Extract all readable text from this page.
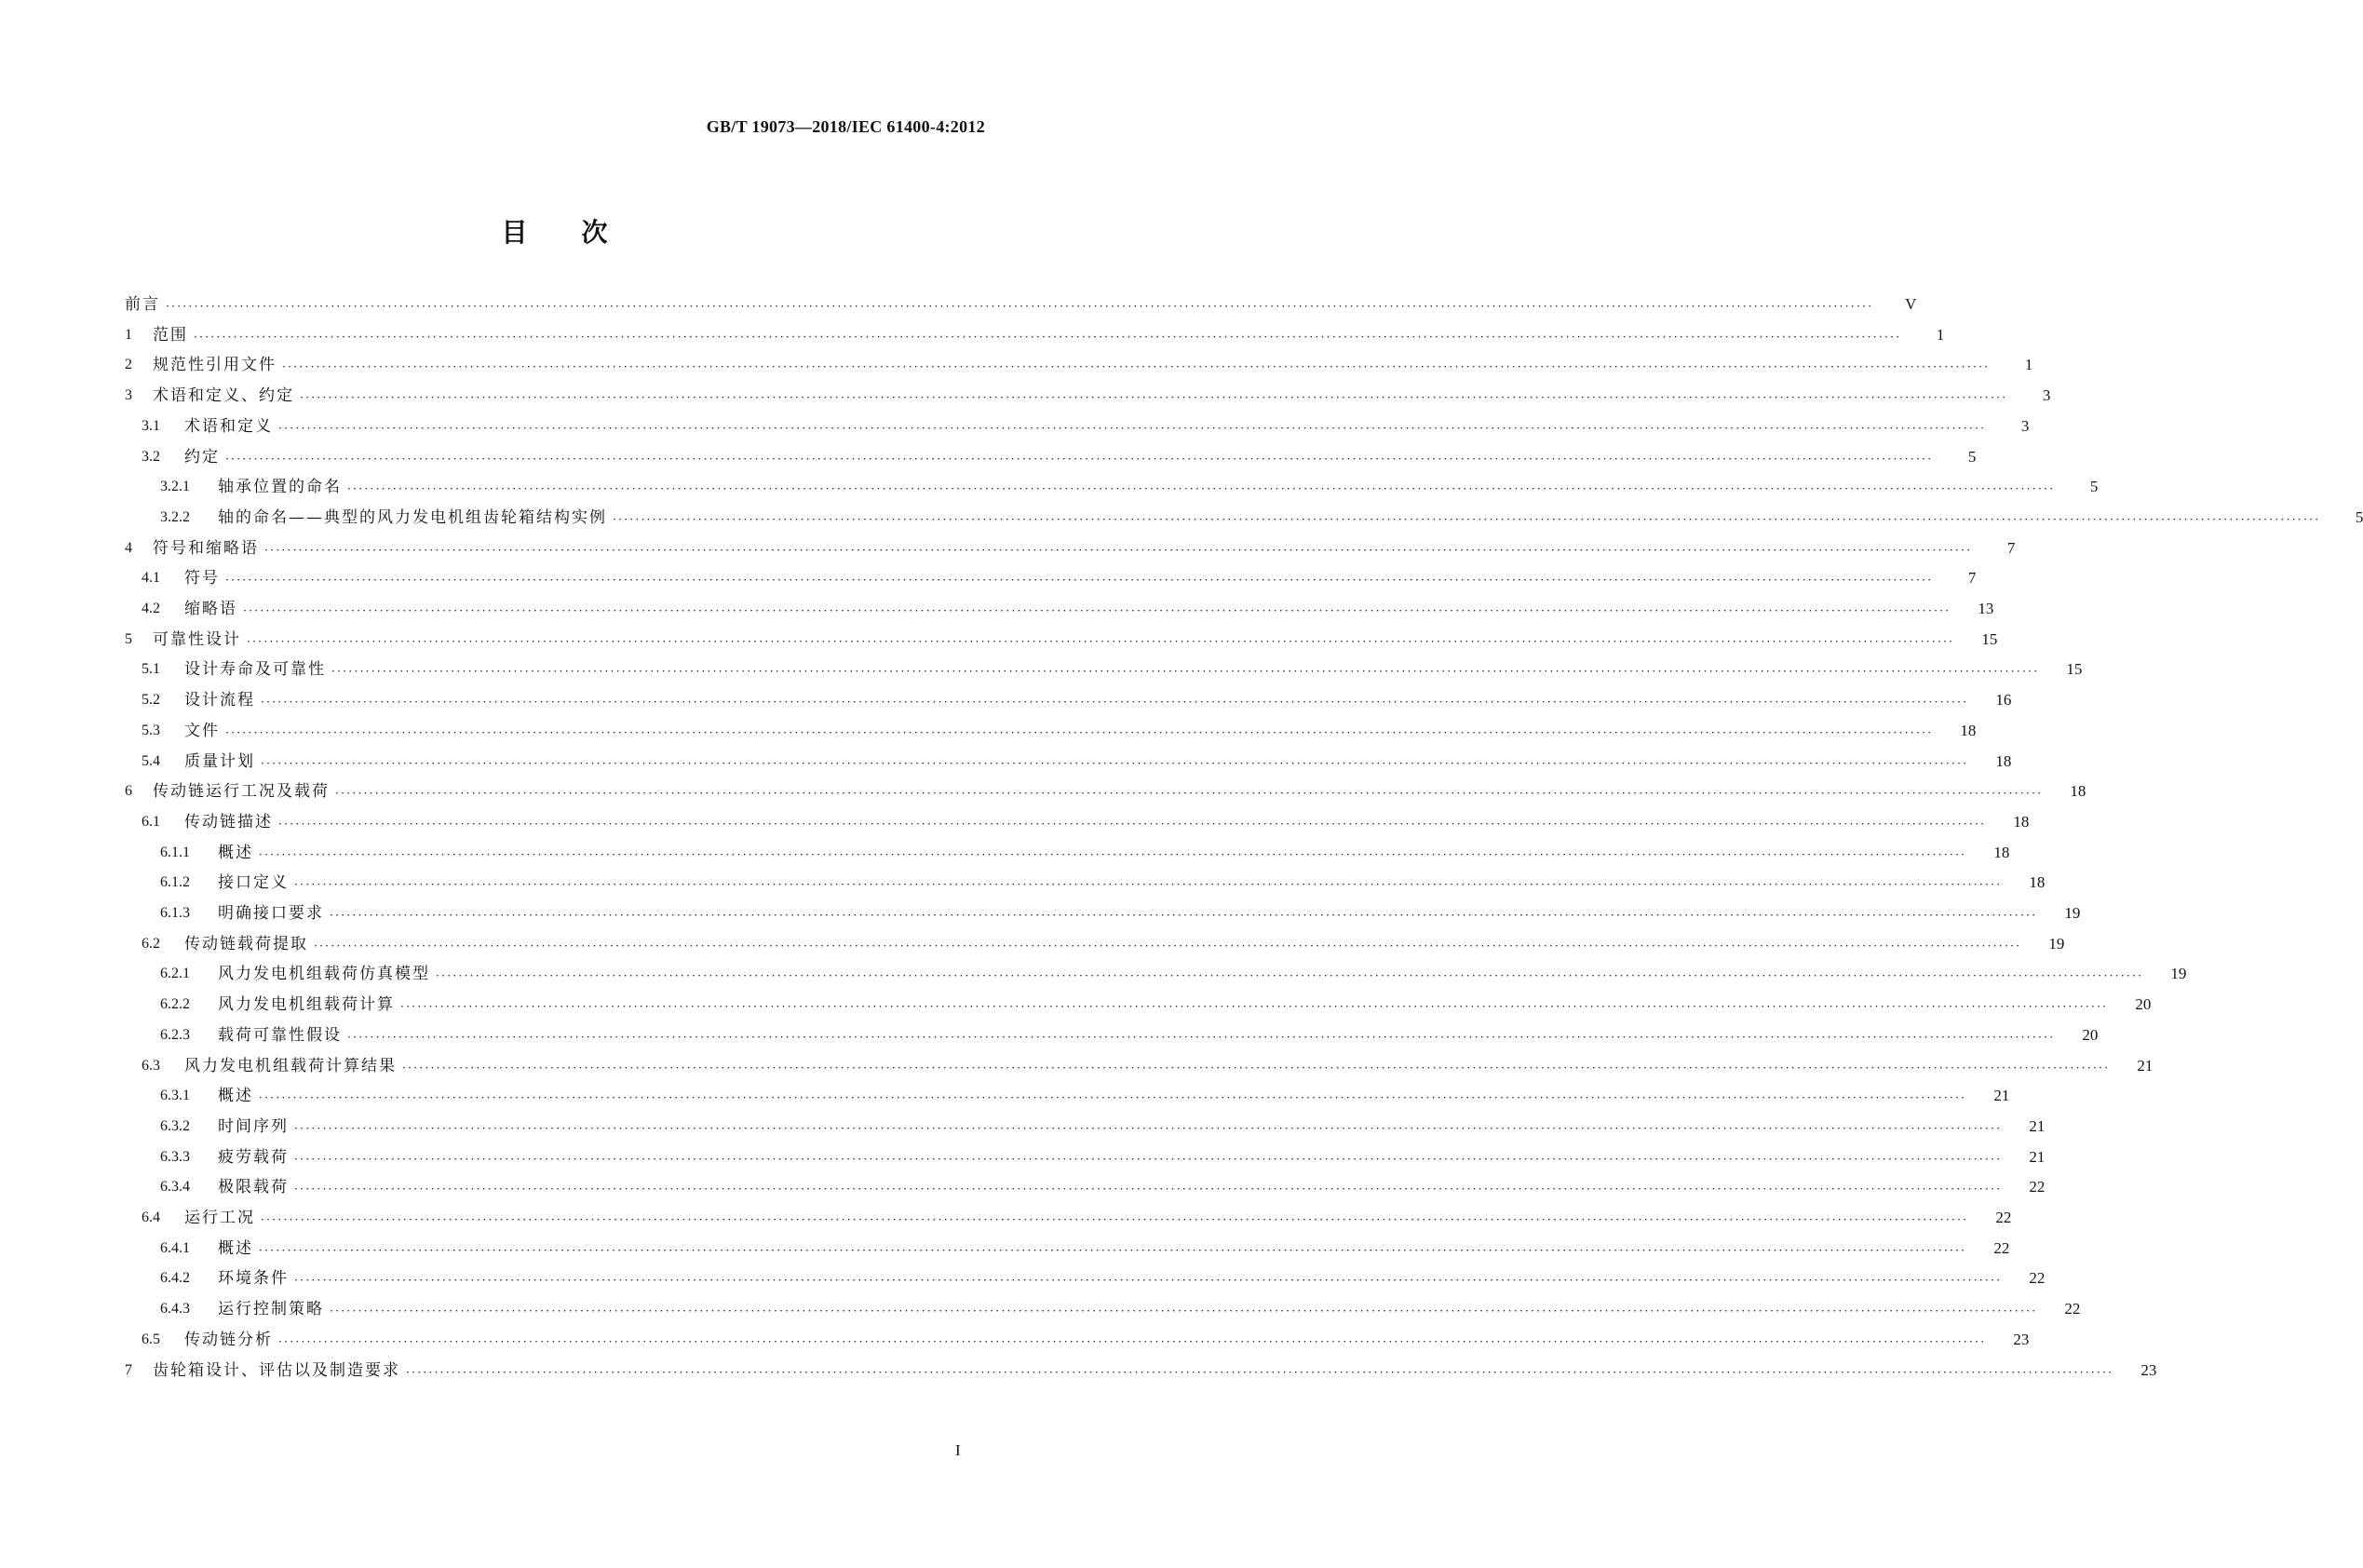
GB/T 19073—2018/IEC 61400-4:2012
目次
前言 ············································································································································································································································································································	V
1	范围 ············································································································································································································································································································	1
2	规范性引用文件 ············································································································································································································································································································	1
3	术语和定义、约定 ············································································································································································································································································································	3
3.1	术语和定义 ············································································································································································································································································································	3
3.2	约定 ············································································································································································································································································································	5
3.2.1	轴承位置的命名 ············································································································································································································································································································	5
3.2.2	轴的命名——典型的风力发电机组齿轮箱结构实例 ············································································································································································································································································································	5
4	符号和缩略语 ············································································································································································································································································································	7
4.1	符号 ············································································································································································································································································································	7
4.2	缩略语 ············································································································································································································································································································	13
5	可靠性设计 ············································································································································································································································································································	15
5.1	设计寿命及可靠性 ············································································································································································································································································································	15
5.2	设计流程 ············································································································································································································································································································	16
5.3	文件 ············································································································································································································································································································	18
5.4	质量计划 ············································································································································································································································································································	18
6	传动链运行工况及载荷 ············································································································································································································································································································	18
6.1	传动链描述 ············································································································································································································································································································	18
6.1.1	概述 ············································································································································································································································································································	18
6.1.2	接口定义 ············································································································································································································································································································	18
6.1.3	明确接口要求 ············································································································································································································································································································	19
6.2	传动链载荷提取 ············································································································································································································································································································	19
6.2.1	风力发电机组载荷仿真模型 ············································································································································································································································································································	19
6.2.2	风力发电机组载荷计算 ············································································································································································································································································································	20
6.2.3	载荷可靠性假设 ············································································································································································································································································································	20
6.3	风力发电机组载荷计算结果 ············································································································································································································································································································	21
6.3.1	概述 ············································································································································································································································································································	21
6.3.2	时间序列 ············································································································································································································································································································	21
6.3.3	疲劳载荷 ············································································································································································································································································································	21
6.3.4	极限载荷 ············································································································································································································································································································	22
6.4	运行工况 ············································································································································································································································································································	22
6.4.1	概述 ············································································································································································································································································································	22
6.4.2	环境条件 ············································································································································································································································································································	22
6.4.3	运行控制策略 ············································································································································································································································································································	22
6.5	传动链分析 ············································································································································································································································································································	23
7	齿轮箱设计、评估以及制造要求 ············································································································································································································································································································	23
I
